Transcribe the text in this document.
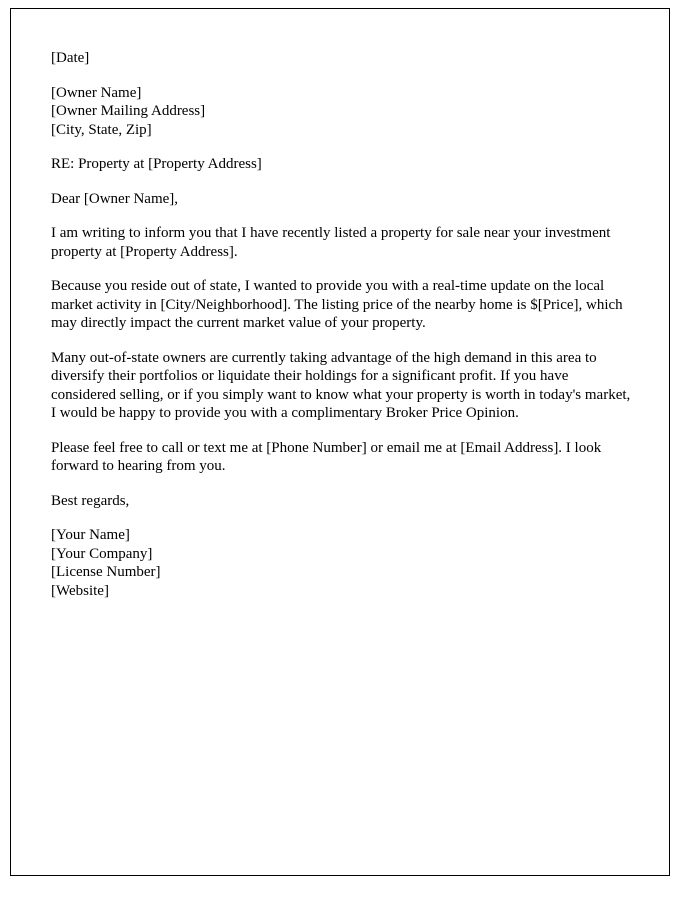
[Date]

[Owner Name]

[Owner Mailing Address]

[City, State, Zip]

RE: Property at [Property Address]

Dear [Owner Name],

I am writing to inform you that I have recently listed a property for sale near your investment property at [Property Address].

Because you reside out of state, I wanted to provide you with a real-time update on the local market activity in [City/Neighborhood]. The listing price of the nearby home is $[Price], which may directly impact the current market value of your property.

Many out-of-state owners are currently taking advantage of the high demand in this area to diversify their portfolios or liquidate their holdings for a significant profit. If you have considered selling, or if you simply want to know what your property is worth in today's market, I would be happy to provide you with a complimentary Broker Price Opinion.

Please feel free to call or text me at [Phone Number] or email me at [Email Address]. I look forward to hearing from you.

Best regards,

[Your Name]

[Your Company]

[License Number]

[Website]
